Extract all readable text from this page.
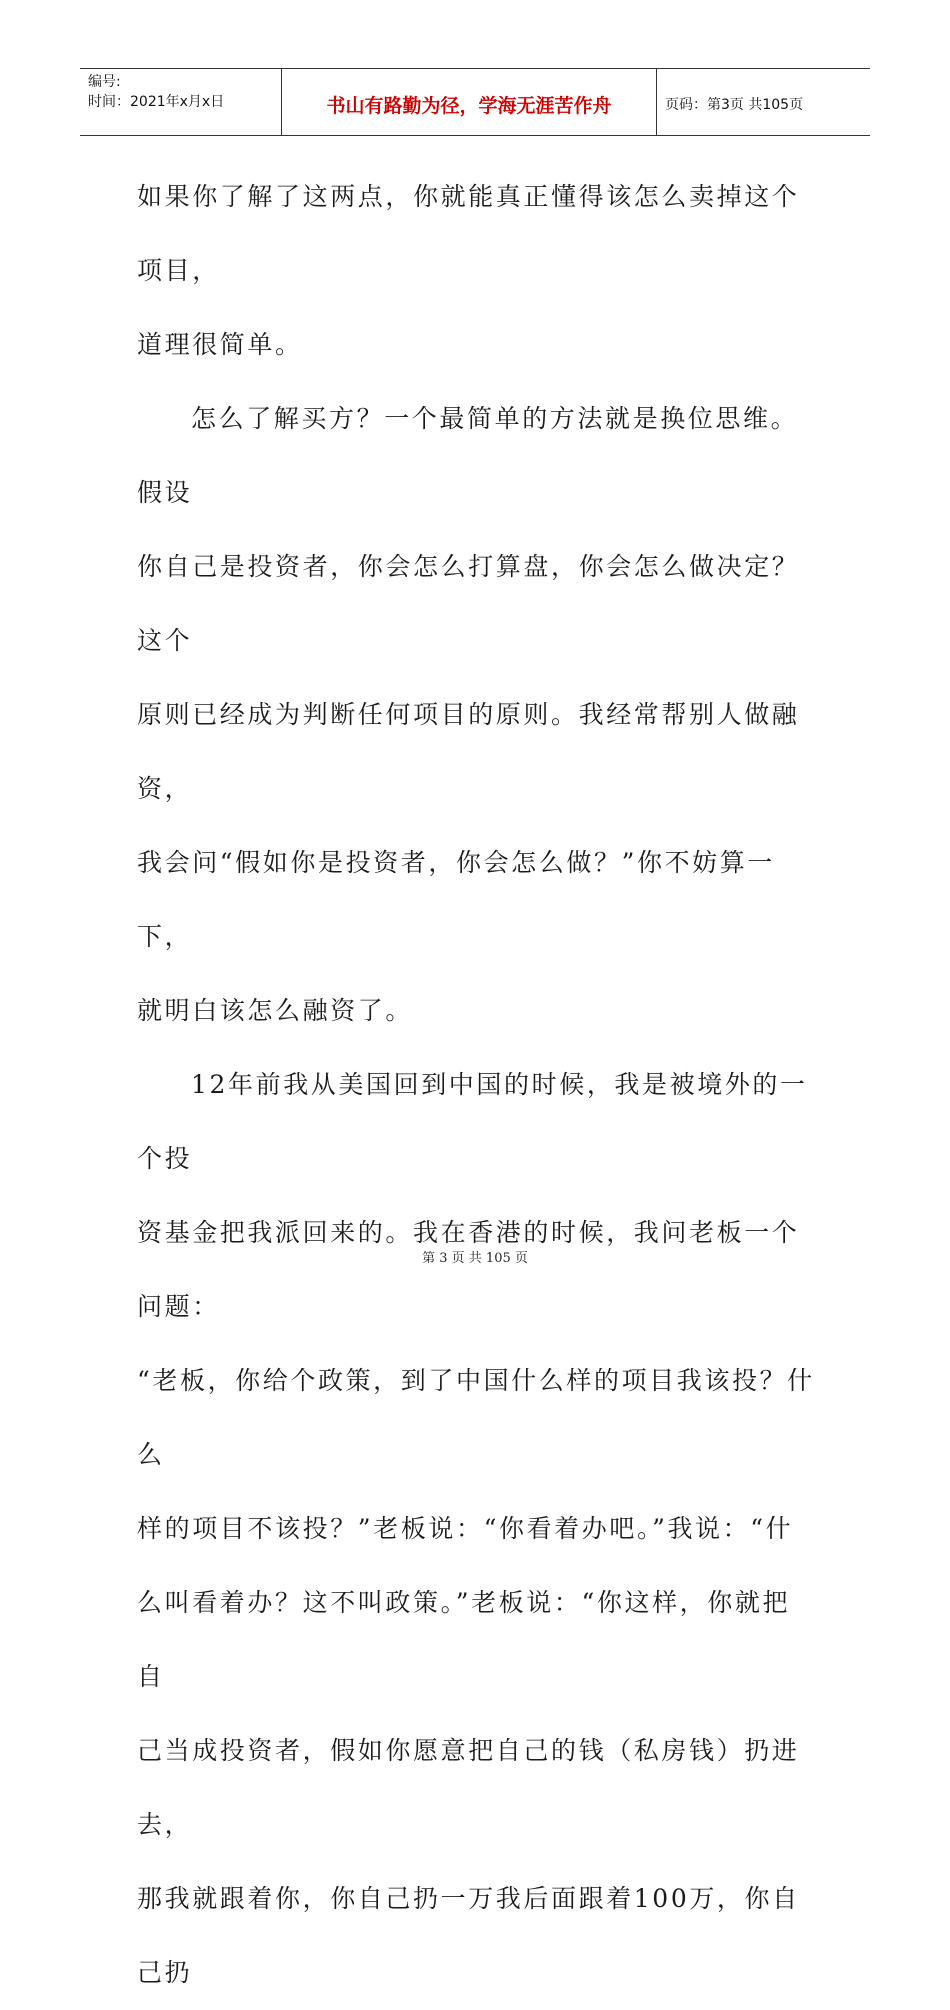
编号:
时间：2021年x月x日	书山有路勤为径，学海无涯苦作舟	页码：第3页 共105页

如果你了解了这两点，你就能真正懂得该怎么卖掉这个项目，

道理很简单。

怎么了解买方？一个最简单的方法就是换位思维。假设

你自己是投资者，你会怎么打算盘，你会怎么做决定？这个

原则已经成为判断任何项目的原则。我经常帮别人做融资，

我会问“假如你是投资者，你会怎么做？”你不妨算一下，

就明白该怎么融资了。

12年前我从美国回到中国的时候，我是被境外的一个投

资基金把我派回来的。我在香港的时候，我问老板一个问题：

“老板，你给个政策，到了中国什么样的项目我该投？什么

样的项目不该投？”老板说：“你看着办吧。”我说：“什

么叫看着办？这不叫政策。”老板说：“你这样，你就把自

己当成投资者，假如你愿意把自己的钱（私房钱）扔进去，

那我就跟着你，你自己扔一万我后面跟着100万，你自己扔

第 3 页 共 105 页
